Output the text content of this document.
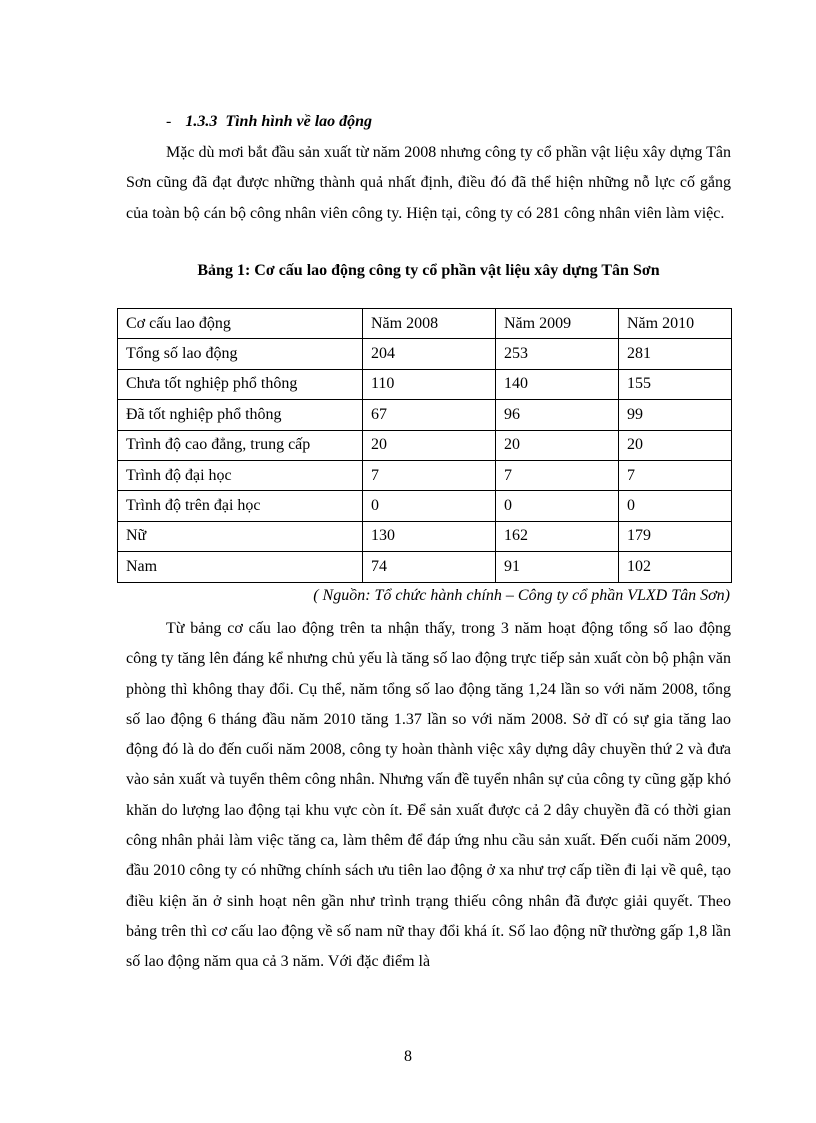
- 1.3.3 Tình hình về lao động

Mặc dù mơi bắt đầu sản xuất từ năm 2008 nhưng công ty cổ phần vật liệu xây dựng Tân Sơn cũng đã đạt được những thành quả nhất định, điều đó đã thể hiện những nỗ lực cố gắng của toàn bộ cán bộ công nhân viên công ty. Hiện tại, công ty có 281 công nhân viên làm việc.

Bảng 1: Cơ cấu lao động công ty cổ phần vật liệu xây dựng Tân Sơn
Cơ cấu lao động	Năm 2008	Năm 2009	Năm 2010
Tổng số lao động	204	253	281
Chưa tốt nghiệp phổ thông	110	140	155
Đã tốt nghiệp phổ thông	67	96	99
Trình độ cao đẳng, trung cấp	20	20	20
Trình độ đại học	7	7	7
Trình độ trên đại học	0	0	0
Nữ	130	162	179
Nam	74	91	102
( Nguồn: Tổ chức hành chính – Công ty cổ phần VLXD Tân Sơn)

Từ bảng cơ cấu lao động trên ta nhận thấy, trong 3 năm hoạt động tổng số lao động công ty tăng lên đáng kể nhưng chủ yếu là tăng số lao động trực tiếp sản xuất còn bộ phận văn phòng thì không thay đổi. Cụ thể, năm tổng số lao động tăng 1,24 lần so với năm 2008, tổng số lao động 6 tháng đầu năm 2010 tăng 1.37 lần so với năm 2008. Sở dĩ có sự gia tăng lao động đó là do đến cuối năm 2008, công ty hoàn thành việc xây dựng dây chuyền thứ 2 và đưa vào sản xuất và tuyển thêm công nhân. Nhưng vấn đề tuyển nhân sự của công ty cũng gặp khó khăn do lượng lao động tại khu vực còn ít. Để sản xuất được cả 2 dây chuyền đã có thời gian công nhân phải làm việc tăng ca, làm thêm để đáp ứng nhu cầu sản xuất. Đến cuối năm 2009, đầu 2010 công ty có những chính sách ưu tiên lao động ở xa như trợ cấp tiền đi lại về quê, tạo điều kiện ăn ở sinh hoạt nên gần như trình trạng thiếu công nhân đã được giải quyết. Theo bảng trên thì cơ cấu lao động về số nam nữ thay đổi khá ít. Số lao động nữ thường gấp 1,8 lần số lao động năm qua cả 3 năm. Với đặc điểm là

8
